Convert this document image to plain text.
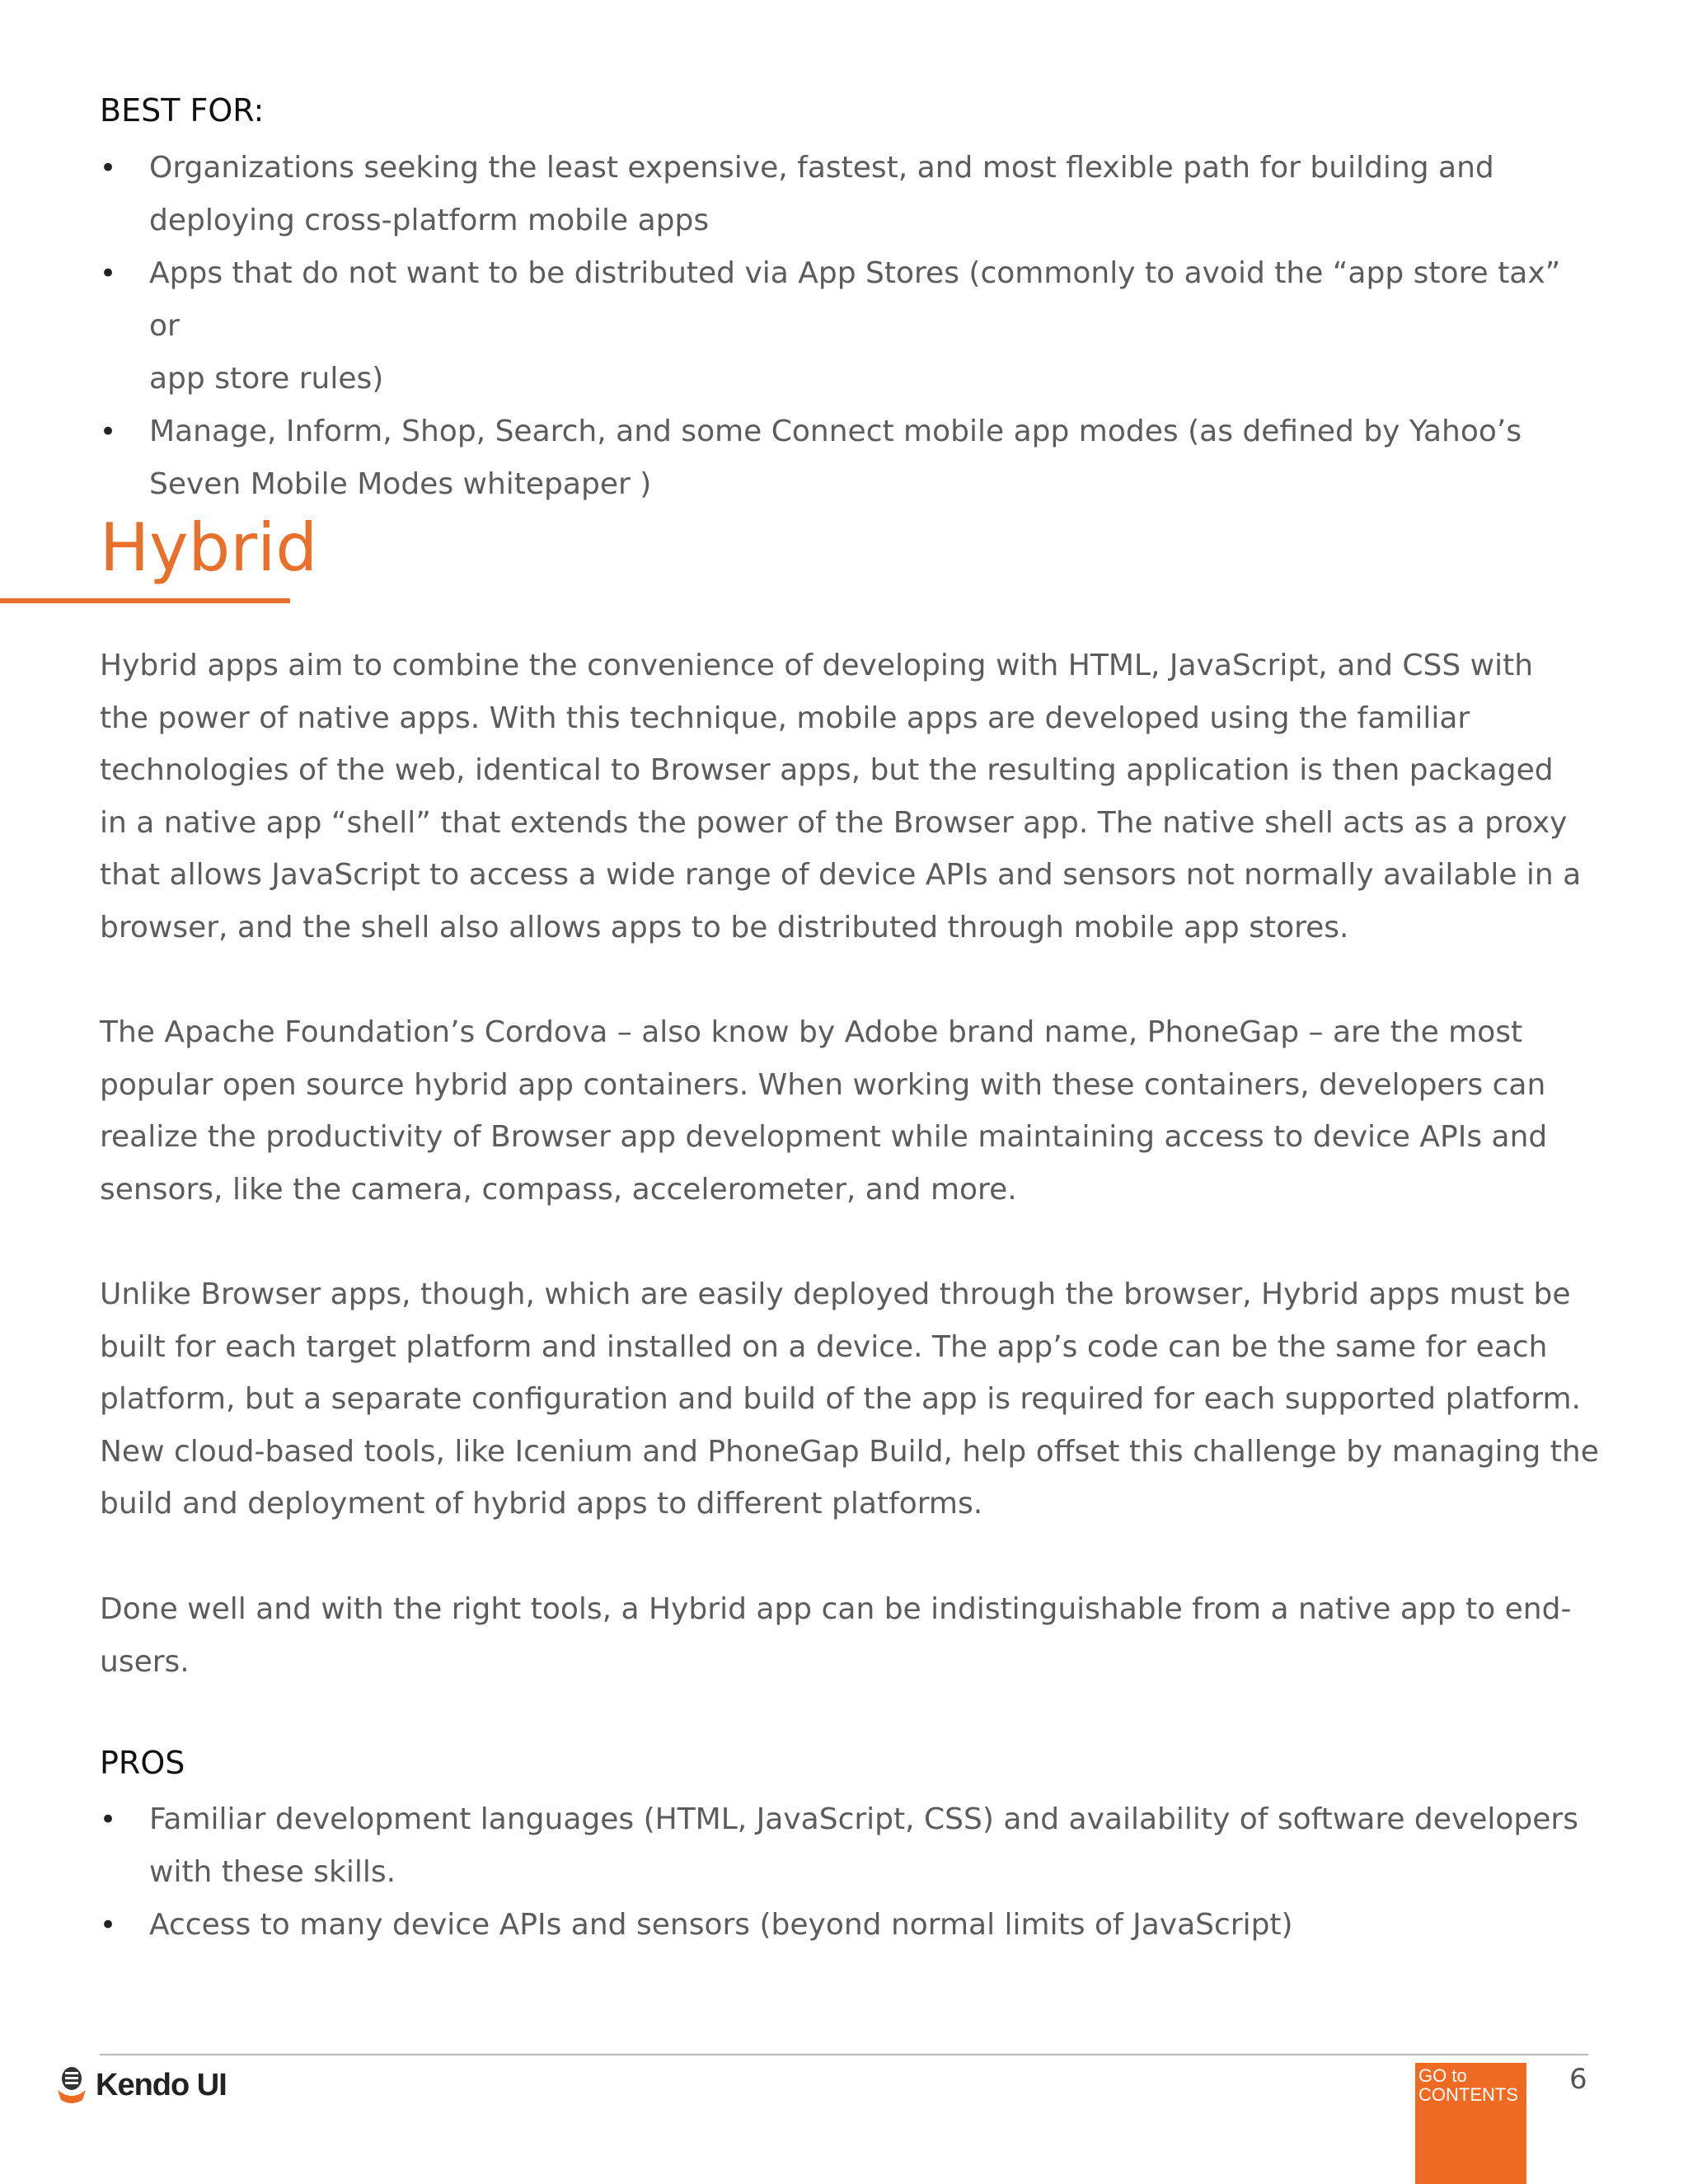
BEST FOR:
• Organizations seeking the least expensive, fastest, and most flexible path for building and
deploying cross-platform mobile apps
• Apps that do not want to be distributed via App Stores (commonly to avoid the “app store tax” or
app store rules)
• Manage, Inform, Shop, Search, and some Connect mobile app modes (as defined by Yahoo’s
Seven Mobile Modes whitepaper )
Hybrid

Hybrid apps aim to combine the convenience of developing with HTML, JavaScript, and CSS with
the power of native apps. With this technique, mobile apps are developed using the familiar
technologies of the web, identical to Browser apps, but the resulting application is then packaged
in a native app “shell” that extends the power of the Browser app. The native shell acts as a proxy
that allows JavaScript to access a wide range of device APIs and sensors not normally available in a
browser, and the shell also allows apps to be distributed through mobile app stores.

The Apache Foundation’s Cordova – also know by Adobe brand name, PhoneGap – are the most
popular open source hybrid app containers. When working with these containers, developers can
realize the productivity of Browser app development while maintaining access to device APIs and
sensors, like the camera, compass, accelerometer, and more.

Unlike Browser apps, though, which are easily deployed through the browser, Hybrid apps must be
built for each target platform and installed on a device. The app’s code can be the same for each
platform, but a separate configuration and build of the app is required for each supported platform.
New cloud-based tools, like Icenium and PhoneGap Build, help offset this challenge by managing the
build and deployment of hybrid apps to different platforms.

Done well and with the right tools, a Hybrid app can be indistinguishable from a native app to end-
users.

PROS
• Familiar development languages (HTML, JavaScript, CSS) and availability of software developers
with these skills.
• Access to many device APIs and sensors (beyond normal limits of JavaScript)
Kendo UI	GO to
CONTENTS 6
